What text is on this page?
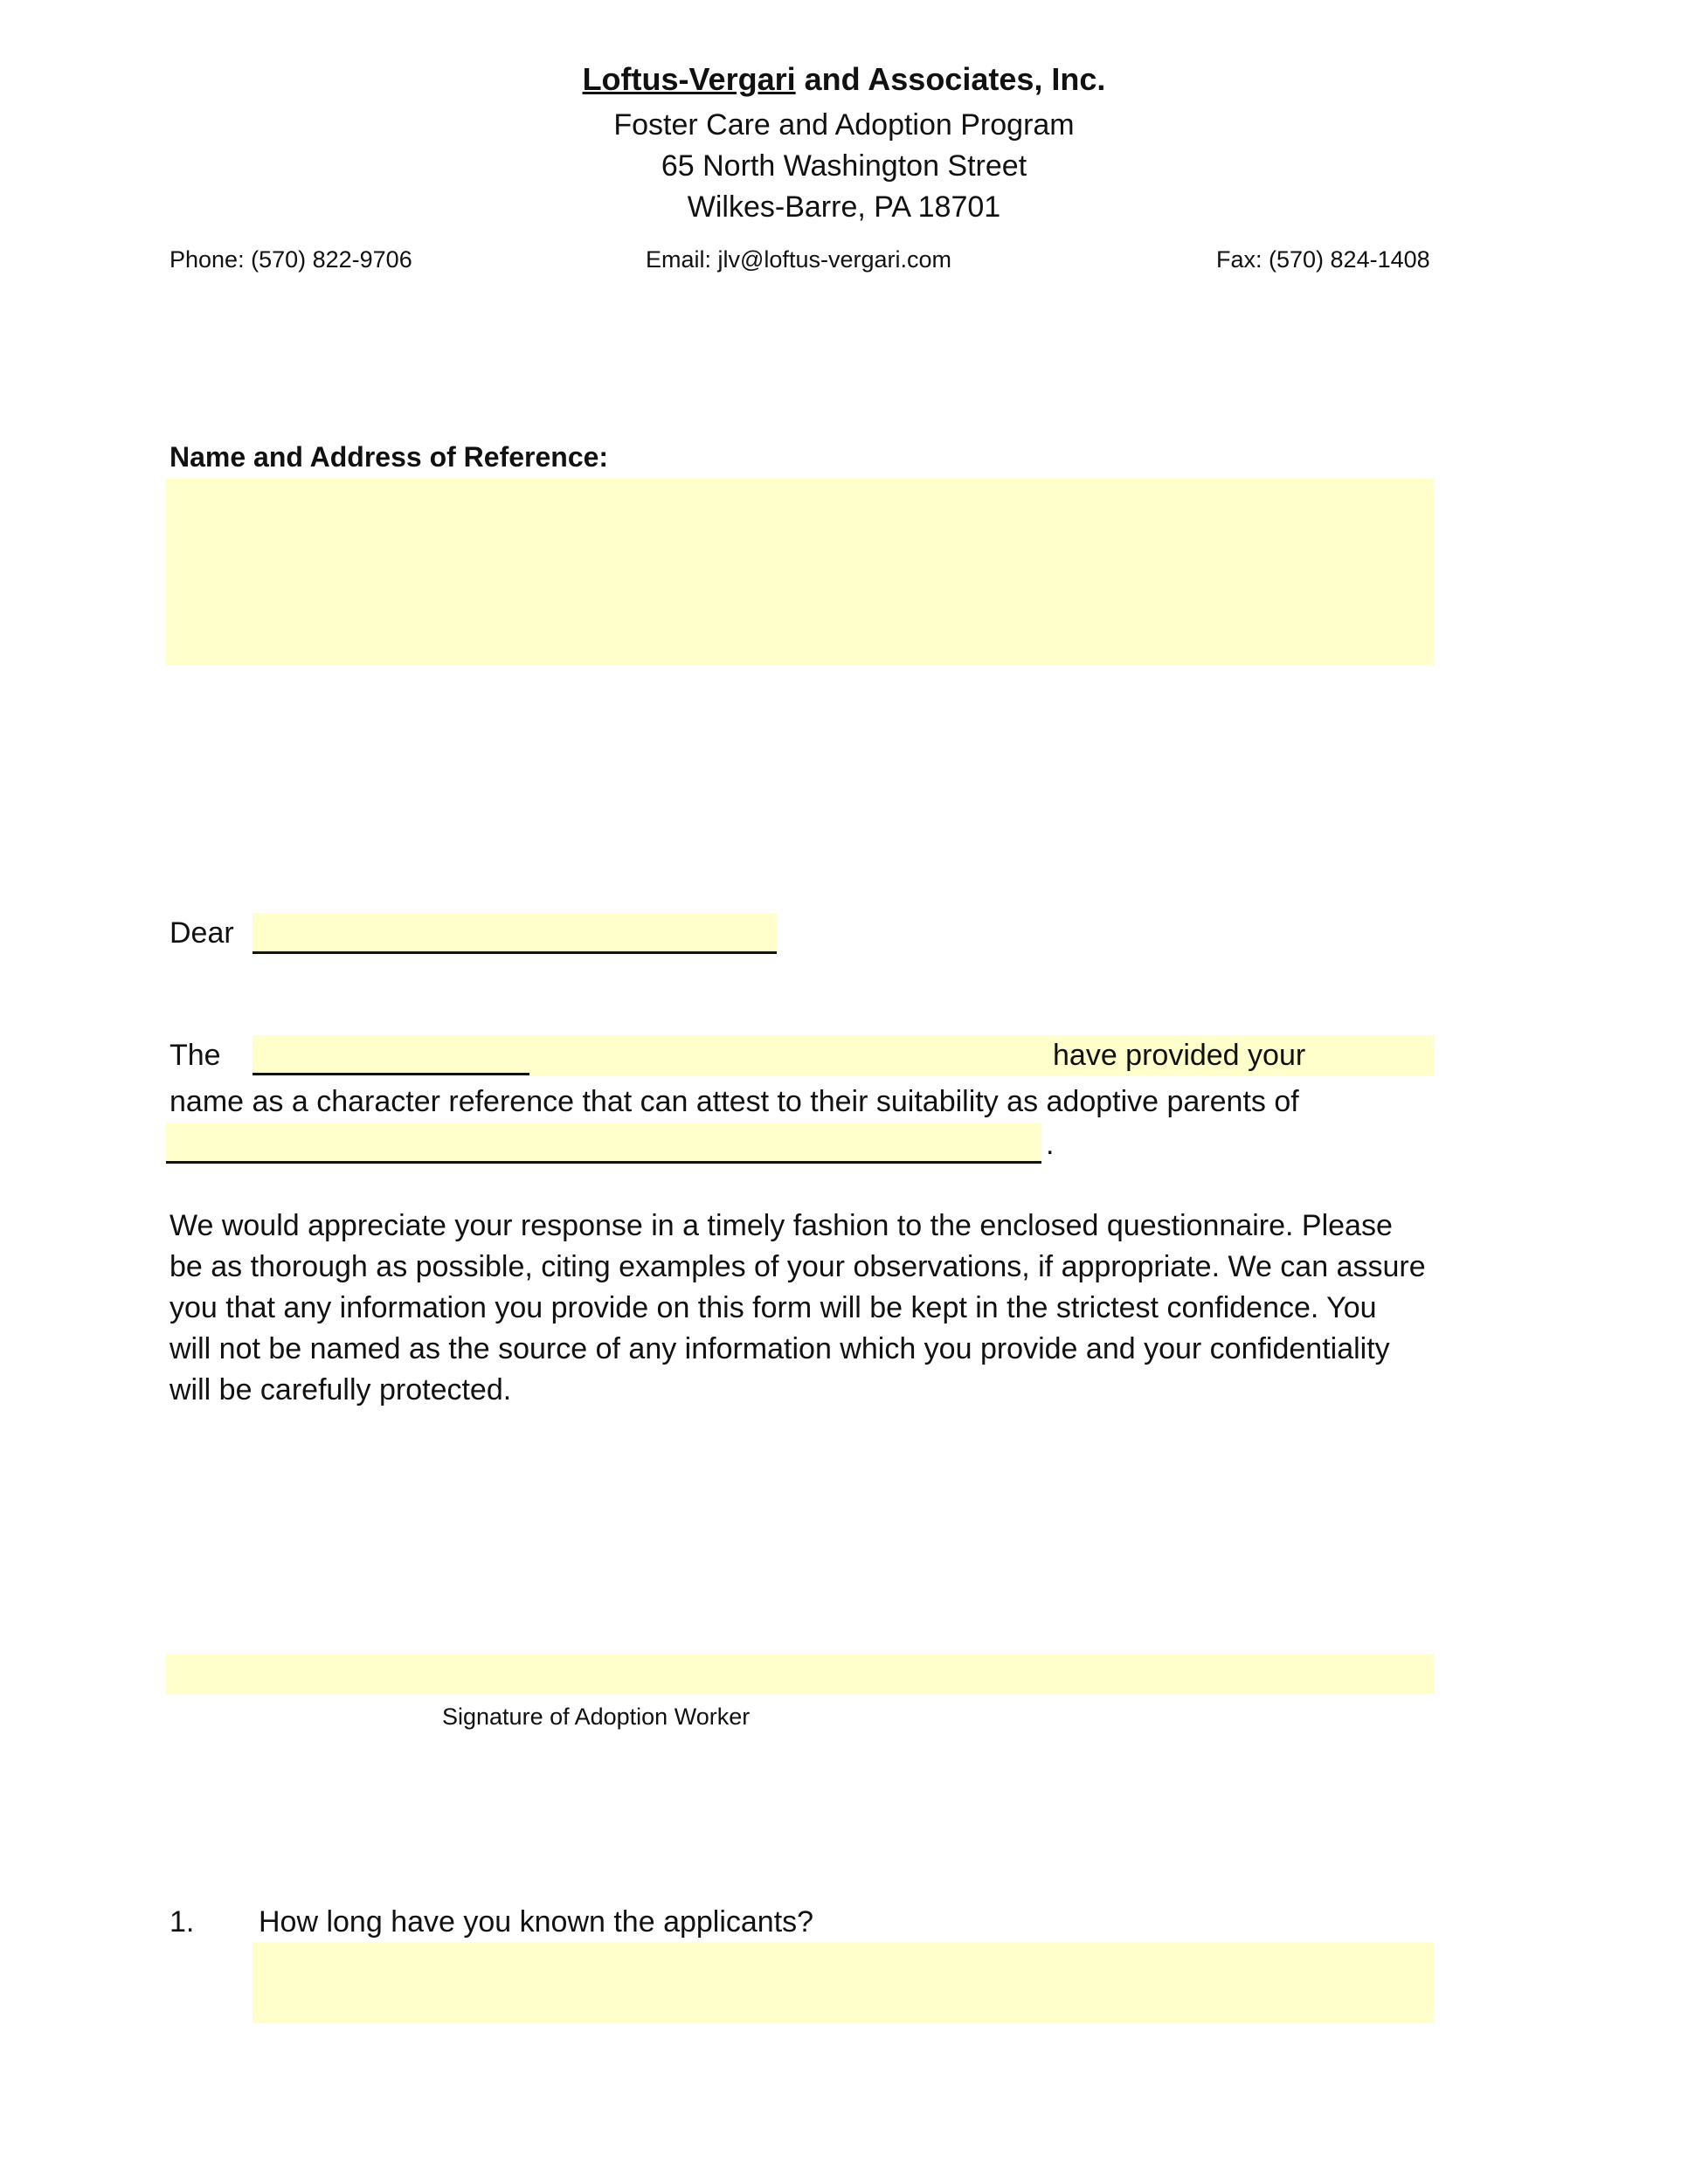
Loftus-Vergari and Associates, Inc.
Foster Care and Adoption Program
65 North Washington Street
Wilkes-Barre, PA 18701
Phone: (570) 822-9706	Email: jlv@loftus-vergari.com	Fax: (570) 824-1408
Name and Address of Reference:
Dear
The	have provided your
name as a character reference that can attest to their suitability as adoptive parents of
.
We would appreciate your response in a timely fashion to the enclosed questionnaire. Please
be as thorough as possible, citing examples of your observations, if appropriate. We can assure
you that any information you provide on this form will be kept in the strictest confidence. You
will not be named as the source of any information which you provide and your confidentiality
will be carefully protected.
Signature of Adoption Worker
1. How long have you known the applicants?
